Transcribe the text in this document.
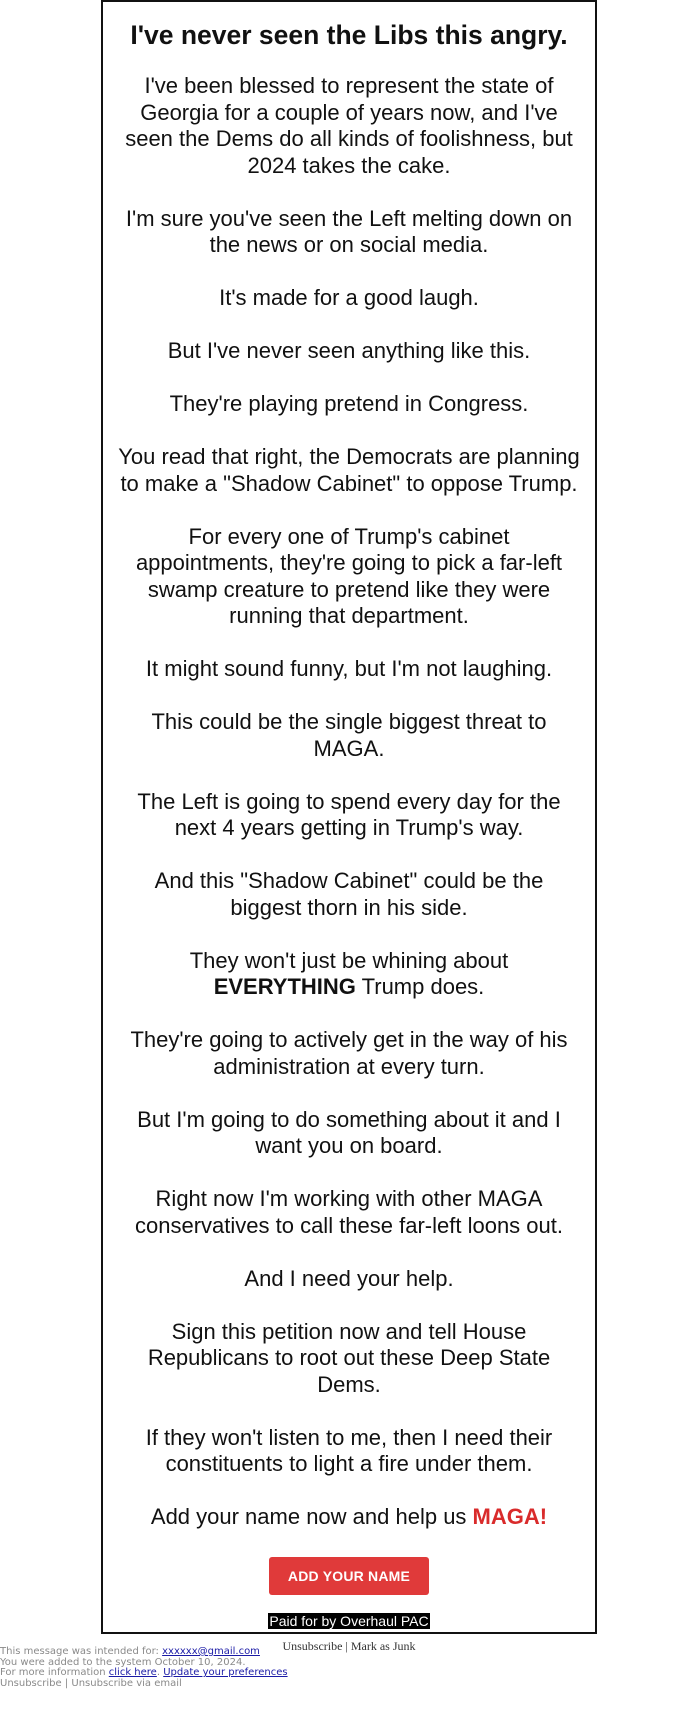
I've never seen the Libs this angry.

I've been blessed to represent the state of Georgia for a couple of years now, and I've seen the Dems do all kinds of foolishness, but 2024 takes the cake.

I'm sure you've seen the Left melting down on the news or on social media.

It's made for a good laugh.

But I've never seen anything like this.

They're playing pretend in Congress.

You read that right, the Democrats are planning to make a "Shadow Cabinet" to oppose Trump.

For every one of Trump's cabinet appointments, they're going to pick a far-left swamp creature to pretend like they were running that department.

It might sound funny, but I'm not laughing.

This could be the single biggest threat to MAGA.

The Left is going to spend every day for the next 4 years getting in Trump's way.

And this "Shadow Cabinet" could be the biggest thorn in his side.

They won't just be whining about EVERYTHING Trump does.

They're going to actively get in the way of his administration at every turn.

But I'm going to do something about it and I want you on board.

Right now I'm working with other MAGA conservatives to call these far-left loons out.

And I need your help.

Sign this petition now and tell House Republicans to root out these Deep State Dems.

If they won't listen to me, then I need their constituents to light a fire under them.

Add your name now and help us MAGA!

ADD YOUR NAME
Paid for by Overhaul PAC
Unsubscribe | Mark as Junk
This message was intended for: xxxxxx@gmail.com
You were added to the system October 10, 2024.
For more information click here. Update your preferences
Unsubscribe | Unsubscribe via email
